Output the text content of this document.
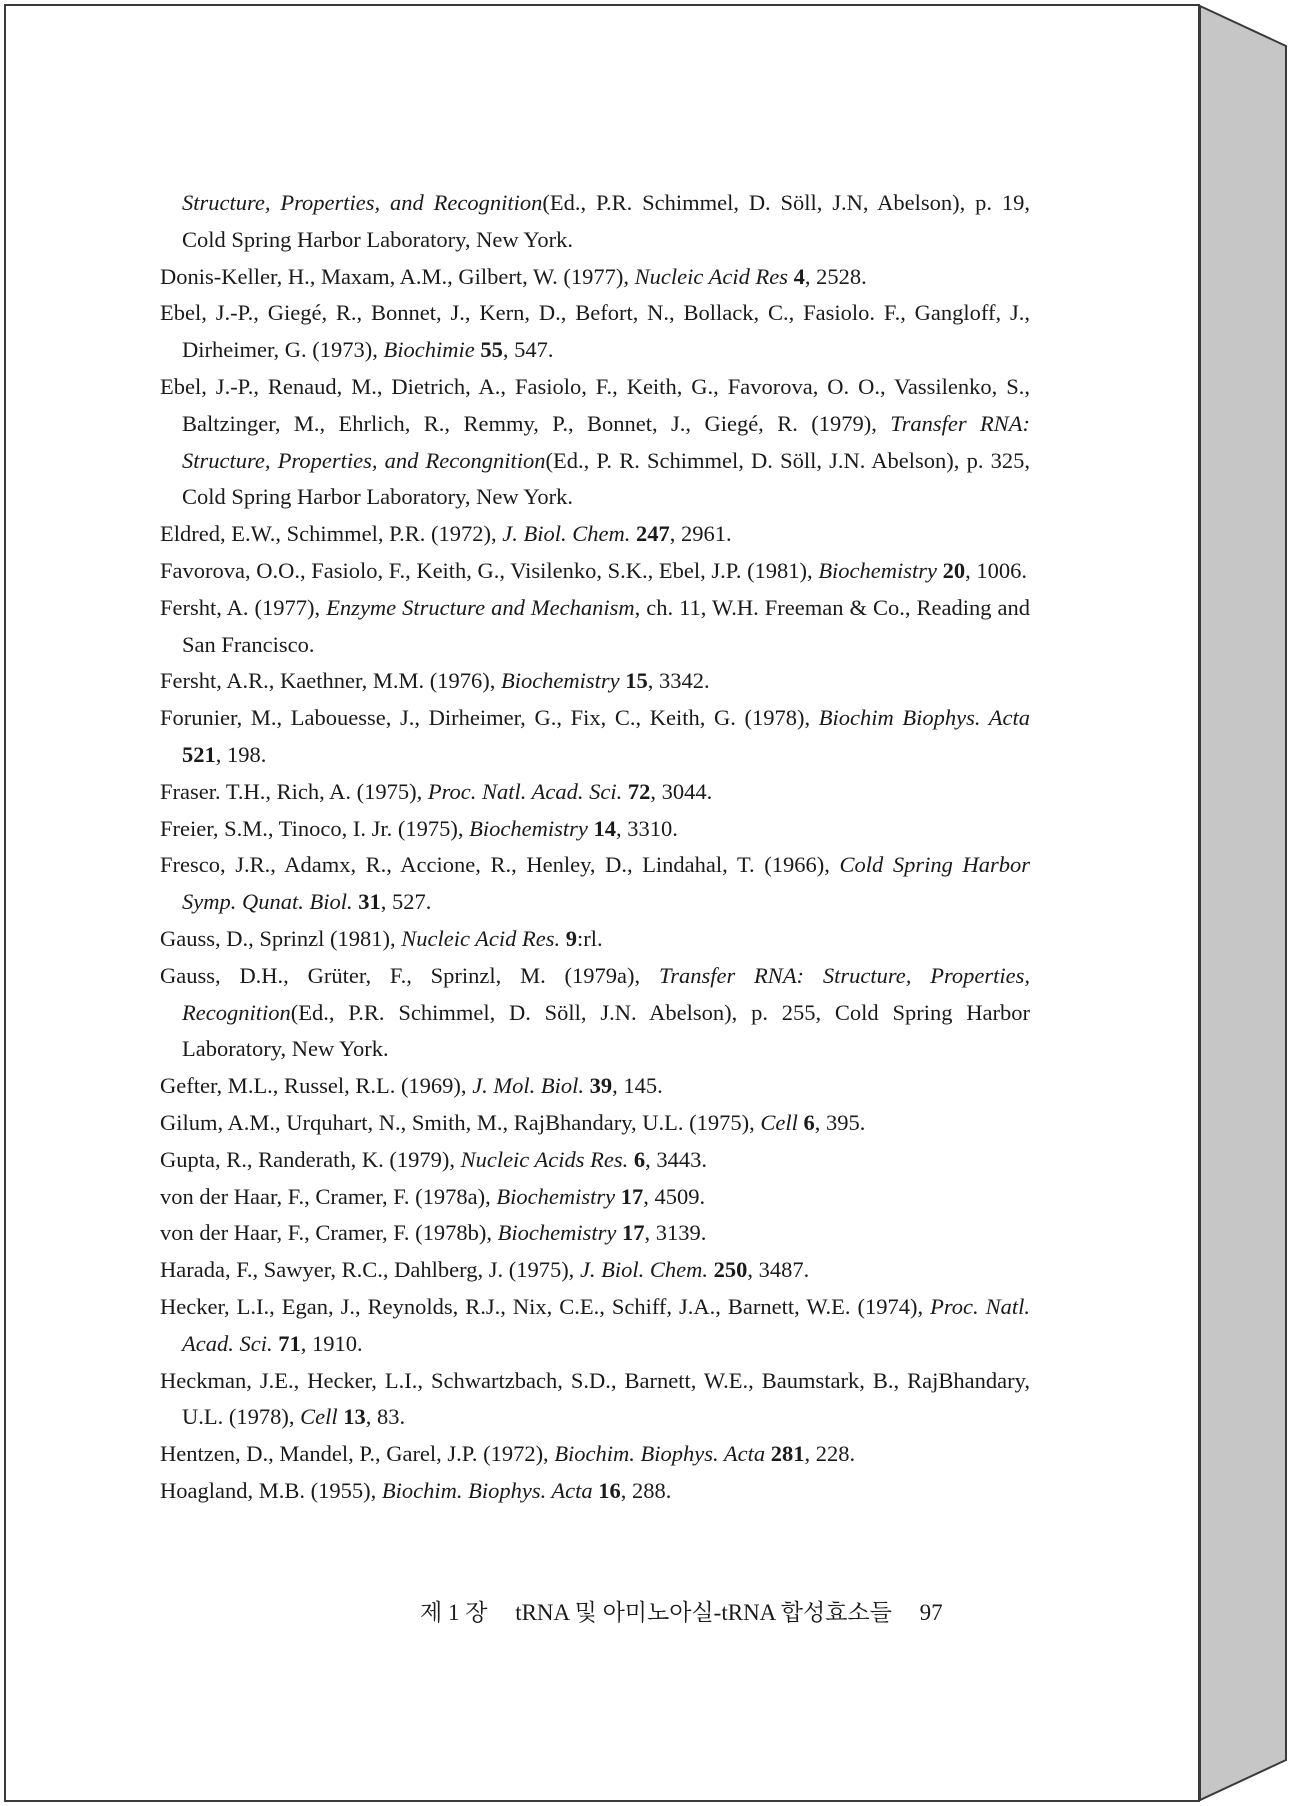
Structure, Properties, and Recognition(Ed., P.R. Schimmel, D. Söll, J.N, Abelson), p. 19, Cold Spring Harbor Laboratory, New York.
Donis-Keller, H., Maxam, A.M., Gilbert, W. (1977), Nucleic Acid Res 4, 2528.
Ebel, J.-P., Giegé, R., Bonnet, J., Kern, D., Befort, N., Bollack, C., Fasiolo. F., Gangloff, J., Dirheimer, G. (1973), Biochimie 55, 547.
Ebel, J.-P., Renaud, M., Dietrich, A., Fasiolo, F., Keith, G., Favorova, O. O., Vassilenko, S., Baltzinger, M., Ehrlich, R., Remmy, P., Bonnet, J., Giegé, R. (1979), Transfer RNA: Structure, Properties, and Recongnition(Ed., P. R. Schimmel, D. Söll, J.N. Abelson), p. 325, Cold Spring Harbor Laboratory, New York.
Eldred, E.W., Schimmel, P.R. (1972), J. Biol. Chem. 247, 2961.
Favorova, O.O., Fasiolo, F., Keith, G., Visilenko, S.K., Ebel, J.P. (1981), Biochemistry 20, 1006.
Fersht, A. (1977), Enzyme Structure and Mechanism, ch. 11, W.H. Freeman & Co., Reading and San Francisco.
Fersht, A.R., Kaethner, M.M. (1976), Biochemistry 15, 3342.
Forunier, M., Labouesse, J., Dirheimer, G., Fix, C., Keith, G. (1978), Biochim Biophys. Acta 521, 198.
Fraser. T.H., Rich, A. (1975), Proc. Natl. Acad. Sci. 72, 3044.
Freier, S.M., Tinoco, I. Jr. (1975), Biochemistry 14, 3310.
Fresco, J.R., Adamx, R., Accione, R., Henley, D., Lindahal, T. (1966), Cold Spring Harbor Symp. Qunat. Biol. 31, 527.
Gauss, D., Sprinzl (1981), Nucleic Acid Res. 9:rl.
Gauss, D.H., Grüter, F., Sprinzl, M. (1979a), Transfer RNA: Structure, Properties, Recognition(Ed., P.R. Schimmel, D. Söll, J.N. Abelson), p. 255, Cold Spring Harbor Laboratory, New York.
Gefter, M.L., Russel, R.L. (1969), J. Mol. Biol. 39, 145.
Gilum, A.M., Urquhart, N., Smith, M., RajBhandary, U.L. (1975), Cell 6, 395.
Gupta, R., Randerath, K. (1979), Nucleic Acids Res. 6, 3443.
von der Haar, F., Cramer, F. (1978a), Biochemistry 17, 4509.
von der Haar, F., Cramer, F. (1978b), Biochemistry 17, 3139.
Harada, F., Sawyer, R.C., Dahlberg, J. (1975), J. Biol. Chem. 250, 3487.
Hecker, L.I., Egan, J., Reynolds, R.J., Nix, C.E., Schiff, J.A., Barnett, W.E. (1974), Proc. Natl. Acad. Sci. 71, 1910.
Heckman, J.E., Hecker, L.I., Schwartzbach, S.D., Barnett, W.E., Baumstark, B., RajBhandary, U.L. (1978), Cell 13, 83.
Hentzen, D., Mandel, P., Garel, J.P. (1972), Biochim. Biophys. Acta 281, 228.
Hoagland, M.B. (1955), Biochim. Biophys. Acta 16, 288.
제 1 장 tRNA 및 아미노아실-tRNA 합성효소들 97
